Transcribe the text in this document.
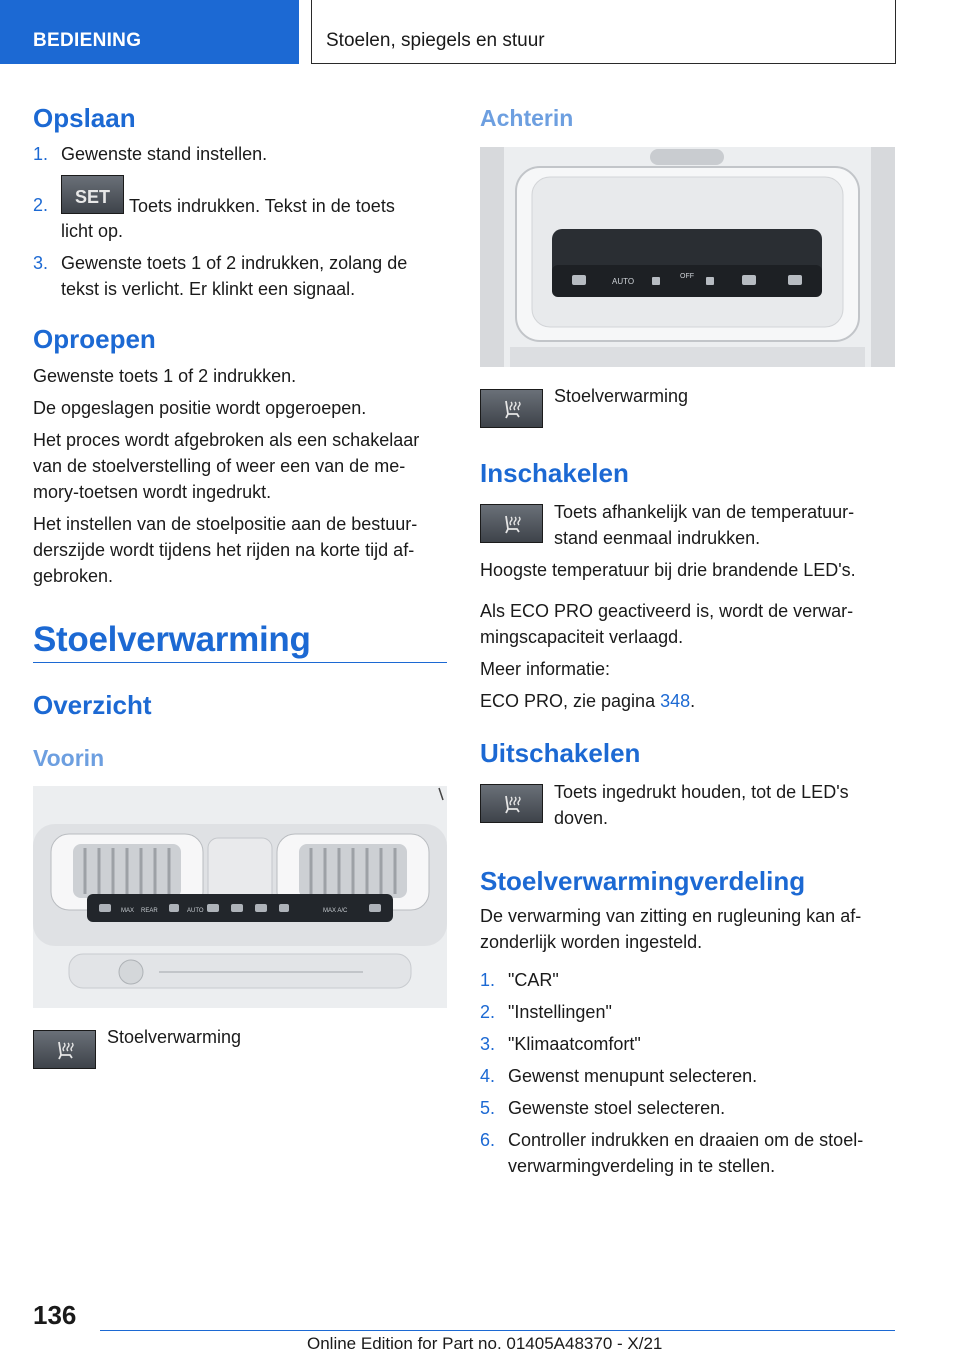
BEDIENING	Stoelen, spiegels en stuur
Opslaan
1. Gewenste stand instellen.
2.	SET Toets indrukken. Tekst in de toets
licht op.
3. Gewenste toets 1 of 2 indrukken, zolang de
tekst is verlicht. Er klinkt een signaal.
Oproepen
Gewenste toets 1 of 2 indrukken.
De opgeslagen positie wordt opgeroepen.
Het proces wordt afgebroken als een schakelaar
van de stoelverstelling of weer een van de me‐
mory-toetsen wordt ingedrukt.
Het instellen van de stoelpositie aan de bestuur‐
derszijde wordt tijdens het rijden na korte tijd af‐
gebroken.
Stoelverwarming
Overzicht
Voorin
MAX REAR	AUTO	MAX A/C
Stoelverwarming
Achterin
AUTO
OFF
Stoelverwarming
Inschakelen
Toets afhankelijk van de temperatuur‐
stand eenmaal indrukken.
Hoogste temperatuur bij drie brandende LED's.
Als ECO PRO geactiveerd is, wordt de verwar‐
mingscapaciteit verlaagd.
Meer informatie:
ECO PRO, zie pagina 348.
Uitschakelen
Toets ingedrukt houden, tot de LED's
doven.
Stoelverwarmingverdeling
De verwarming van zitting en rugleuning kan af‐
zonderlijk worden ingesteld.
1. "CAR"
2. "Instellingen"
3. "Klimaatcomfort"
4. Gewenst menupunt selecteren.
5. Gewenste stoel selecteren.
6. Controller indrukken en draaien om de stoel‐
verwarmingverdeling in te stellen.
136
Online Edition for Part no. 01405A48370 - X/21
